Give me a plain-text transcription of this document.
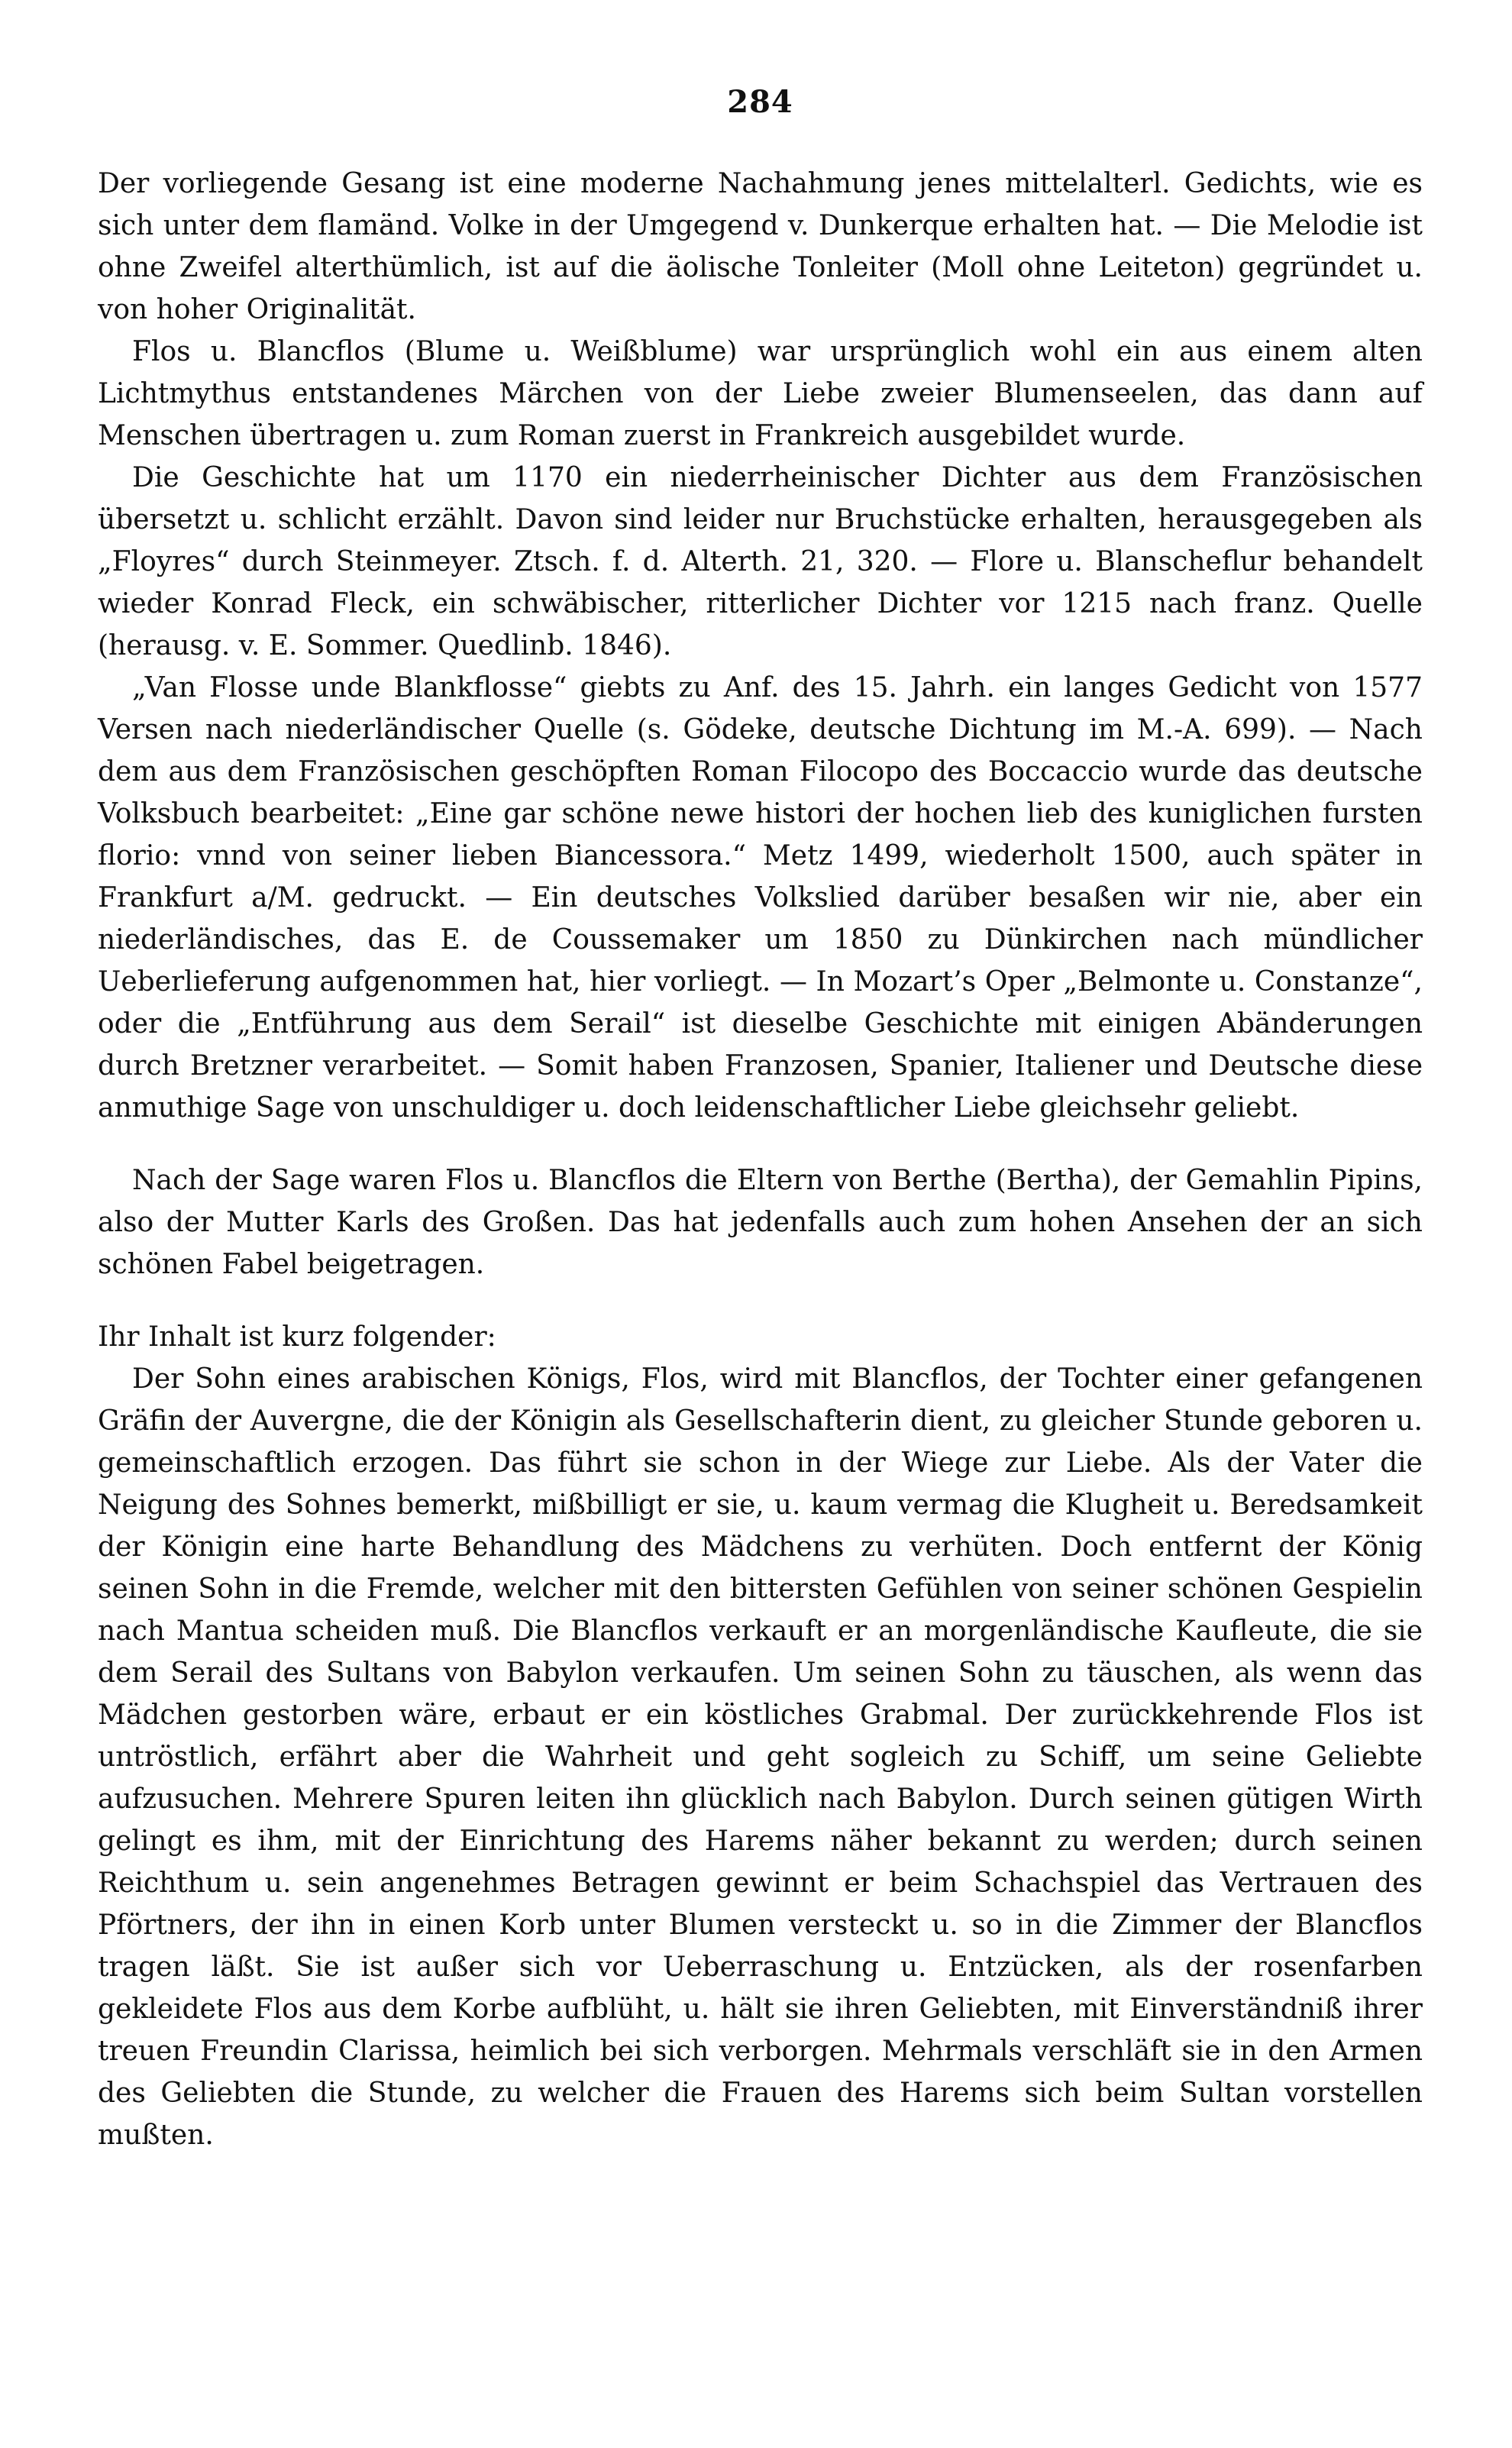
284

Der vorliegende Gesang ist eine moderne Nachahmung jenes mittelalterl. Gedichts, wie es sich unter dem flamänd. Volke in der Umgegend v. Dunkerque erhalten hat. — Die Melodie ist ohne Zweifel alterthümlich, ist auf die äolische Tonleiter (Moll ohne Leiteton) gegründet u. von hoher Originalität.

Flos u. Blancflos (Blume u. Weißblume) war ursprünglich wohl ein aus einem alten Lichtmythus entstandenes Märchen von der Liebe zweier Blumenseelen, das dann auf Menschen übertragen u. zum Roman zuerst in Frankreich ausgebildet wurde.

Die Geschichte hat um 1170 ein niederrheinischer Dichter aus dem Französischen übersetzt u. schlicht erzählt. Davon sind leider nur Bruchstücke erhalten, herausgegeben als „Floyres“ durch Steinmeyer. Ztsch. f. d. Alterth. 21, 320. — Flore u. Blanscheflur behandelt wieder Konrad Fleck, ein schwäbischer, ritterlicher Dichter vor 1215 nach franz. Quelle (herausg. v. E. Sommer. Quedlinb. 1846).

„Van Flosse unde Blankflosse“ giebts zu Anf. des 15. Jahrh. ein langes Gedicht von 1577 Versen nach niederländischer Quelle (s. Gödeke, deutsche Dichtung im M.-A. 699). — Nach dem aus dem Französischen geschöpften Roman Filocopo des Boccaccio wurde das deutsche Volksbuch bearbeitet: „Eine gar schöne newe histori der hochen lieb des kuniglichen fursten florio: vnnd von seiner lieben Biancessora.“ Metz 1499, wiederholt 1500, auch später in Frankfurt a/M. gedruckt. — Ein deutsches Volkslied darüber besaßen wir nie, aber ein niederländisches, das E. de Coussemaker um 1850 zu Dünkirchen nach mündlicher Ueberlieferung aufgenommen hat, hier vorliegt. — In Mozart’s Oper „Belmonte u. Constanze“, oder die „Entführung aus dem Serail“ ist dieselbe Geschichte mit einigen Abänderungen durch Bretzner verarbeitet. — Somit haben Franzosen, Spanier, Italiener und Deutsche diese anmuthige Sage von unschuldiger u. doch leidenschaftlicher Liebe gleichsehr geliebt.

Nach der Sage waren Flos u. Blancflos die Eltern von Berthe (Bertha), der Gemahlin Pipins, also der Mutter Karls des Großen. Das hat jedenfalls auch zum hohen Ansehen der an sich schönen Fabel beigetragen.

Ihr Inhalt ist kurz folgender:

Der Sohn eines arabischen Königs, Flos, wird mit Blancflos, der Tochter einer gefangenen Gräfin der Auvergne, die der Königin als Gesellschafterin dient, zu gleicher Stunde geboren u. gemeinschaftlich erzogen. Das führt sie schon in der Wiege zur Liebe. Als der Vater die Neigung des Sohnes bemerkt, mißbilligt er sie, u. kaum vermag die Klugheit u. Beredsamkeit der Königin eine harte Behandlung des Mädchens zu verhüten. Doch entfernt der König seinen Sohn in die Fremde, welcher mit den bittersten Gefühlen von seiner schönen Gespielin nach Mantua scheiden muß. Die Blancflos verkauft er an morgenländische Kaufleute, die sie dem Serail des Sultans von Babylon verkaufen. Um seinen Sohn zu täuschen, als wenn das Mädchen gestorben wäre, erbaut er ein köstliches Grabmal. Der zurückkehrende Flos ist untröstlich, erfährt aber die Wahrheit und geht sogleich zu Schiff, um seine Geliebte aufzusuchen. Mehrere Spuren leiten ihn glücklich nach Babylon. Durch seinen gütigen Wirth gelingt es ihm, mit der Einrichtung des Harems näher bekannt zu werden; durch seinen Reichthum u. sein angenehmes Betragen gewinnt er beim Schachspiel das Vertrauen des Pförtners, der ihn in einen Korb unter Blumen versteckt u. so in die Zimmer der Blancflos tragen läßt. Sie ist außer sich vor Ueberraschung u. Entzücken, als der rosenfarben gekleidete Flos aus dem Korbe aufblüht, u. hält sie ihren Geliebten, mit Einverständniß ihrer treuen Freundin Clarissa, heimlich bei sich verborgen. Mehrmals verschläft sie in den Armen des Geliebten die Stunde, zu welcher die Frauen des Harems sich beim Sultan vorstellen mußten.
